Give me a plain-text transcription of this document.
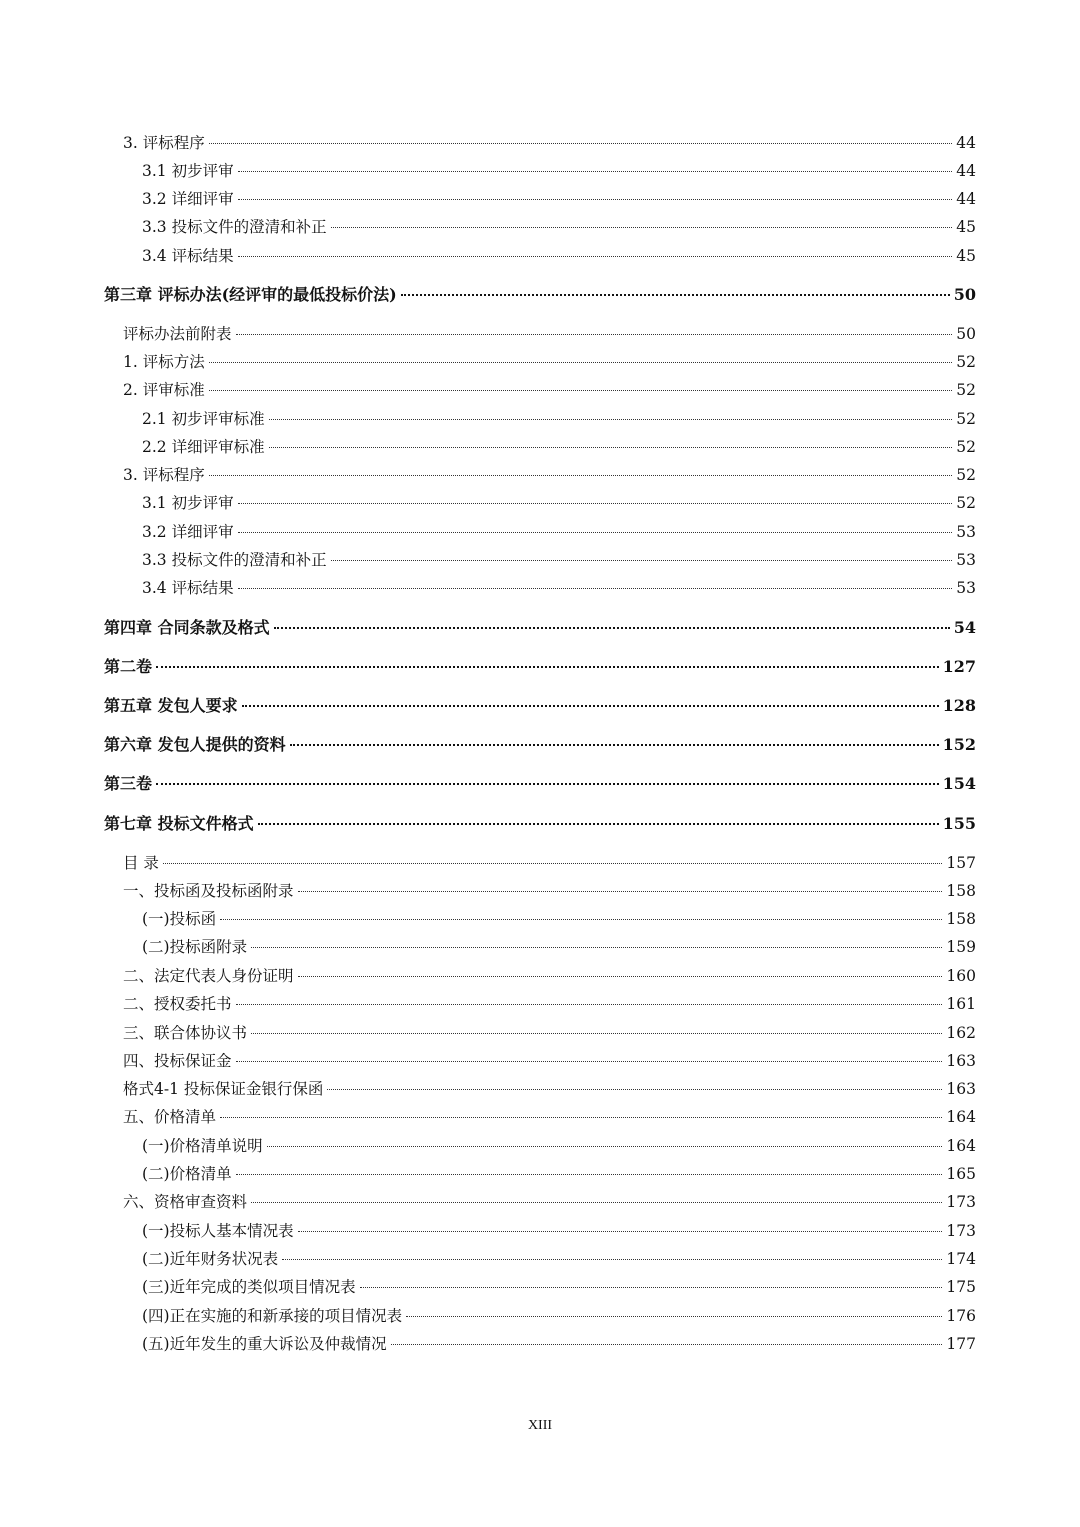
3. 评标程序	44
3.1 初步评审	44
3.2 详细评审	44
3.3 投标文件的澄清和补正	45
3.4 评标结果	45
第三章 评标办法(经评审的最低投标价法)	50
评标办法前附表	50
1. 评标方法	52
2. 评审标准	52
2.1 初步评审标准	52
2.2 详细评审标准	52
3. 评标程序	52
3.1 初步评审	52
3.2 详细评审	53
3.3 投标文件的澄清和补正	53
3.4 评标结果	53
第四章 合同条款及格式	54
第二卷	127
第五章 发包人要求	128
第六章 发包人提供的资料	152
第三卷	154
第七章 投标文件格式	155
目 录	157
一、投标函及投标函附录	158
(一)投标函	158
(二)投标函附录	159
二、法定代表人身份证明	160
二、授权委托书	161
三、联合体协议书	162
四、投标保证金	163
格式4-1 投标保证金银行保函	163
五、价格清单	164
(一)价格清单说明	164
(二)价格清单	165
六、资格审查资料	173
(一)投标人基本情况表	173
(二)近年财务状况表	174
(三)近年完成的类似项目情况表	175
(四)正在实施的和新承接的项目情况表	176
(五)近年发生的重大诉讼及仲裁情况	177
XIII
